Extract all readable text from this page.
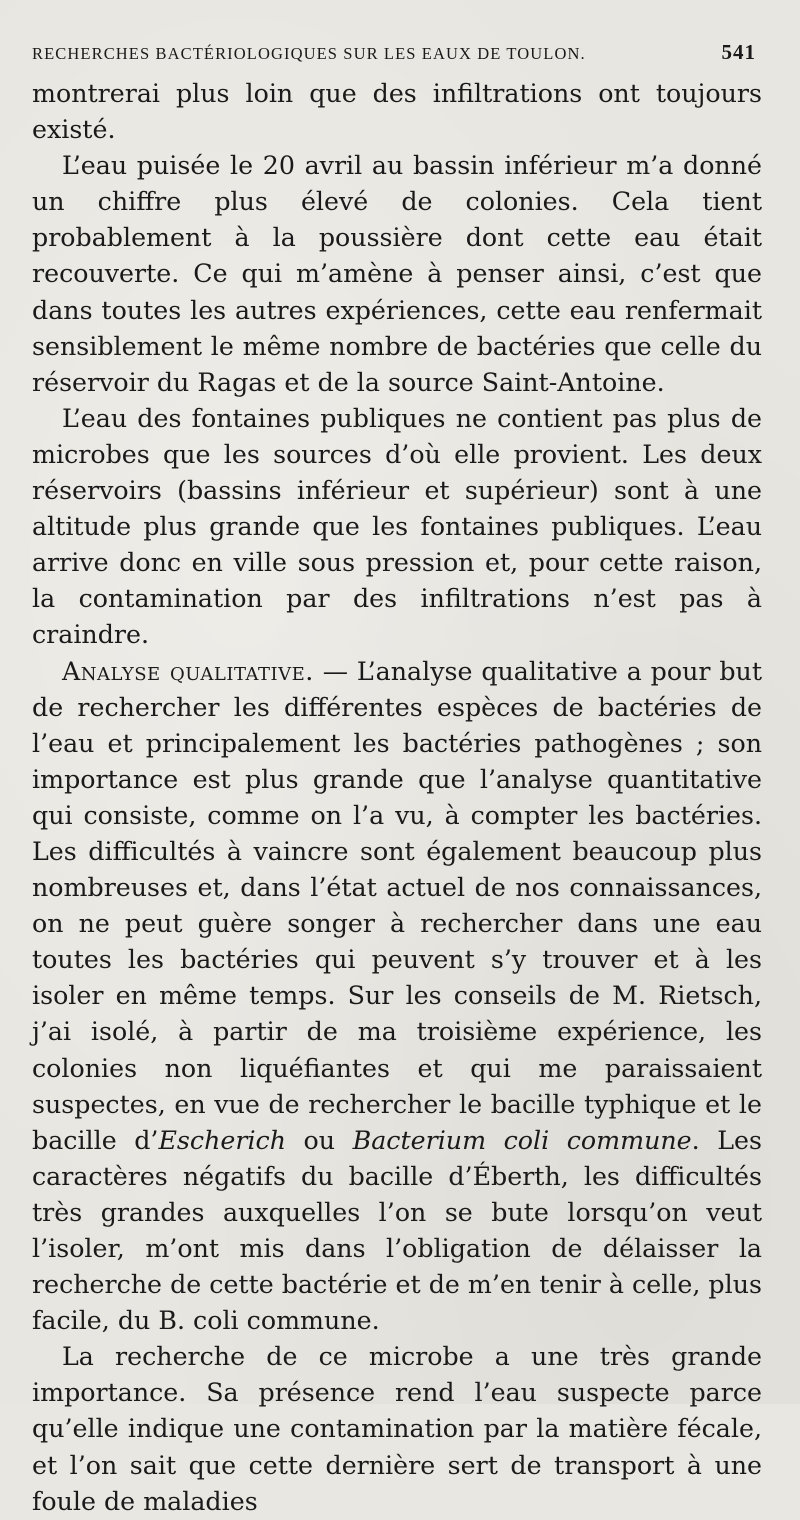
RECHERCHES BACTÉRIOLOGIQUES SUR LES EAUX DE TOULON.	541

montrerai plus loin que des infiltrations ont toujours existé.

L’eau puisée le 20 avril au bassin inférieur m’a donné un chiffre plus élevé de colonies. Cela tient probablement à la poussière dont cette eau était recouverte. Ce qui m’amène à penser ainsi, c’est que dans toutes les autres expériences, cette eau renfermait sensiblement le même nombre de bactéries que celle du réservoir du Ragas et de la source Saint-Antoine.

L’eau des fontaines publiques ne contient pas plus de microbes que les sources d’où elle provient. Les deux réservoirs (bassins inférieur et supérieur) sont à une altitude plus grande que les fontaines publiques. L’eau arrive donc en ville sous pression et, pour cette raison, la contamination par des infiltrations n’est pas à craindre.

Analyse qualitative. — L’analyse qualitative a pour but de rechercher les différentes espèces de bactéries de l’eau et principalement les bactéries pathogènes ; son importance est plus grande que l’analyse quantitative qui consiste, comme on l’a vu, à compter les bactéries. Les difficultés à vaincre sont également beaucoup plus nombreuses et, dans l’état actuel de nos connaissances, on ne peut guère songer à rechercher dans une eau toutes les bactéries qui peuvent s’y trouver et à les isoler en même temps. Sur les conseils de M. Rietsch, j’ai isolé, à partir de ma troisième expérience, les colonies non liquéfiantes et qui me paraissaient suspectes, en vue de rechercher le bacille typhique et le bacille d’Escherich ou Bacterium coli commune. Les caractères négatifs du bacille d’Éberth, les difficultés très grandes auxquelles l’on se bute lorsqu’on veut l’isoler, m’ont mis dans l’obligation de délaisser la recherche de cette bactérie et de m’en tenir à celle, plus facile, du B. coli commune.

La recherche de ce microbe a une très grande importance. Sa présence rend l’eau suspecte parce qu’elle indique une contamination par la matière fécale, et l’on sait que cette dernière sert de transport à une foule de maladies
